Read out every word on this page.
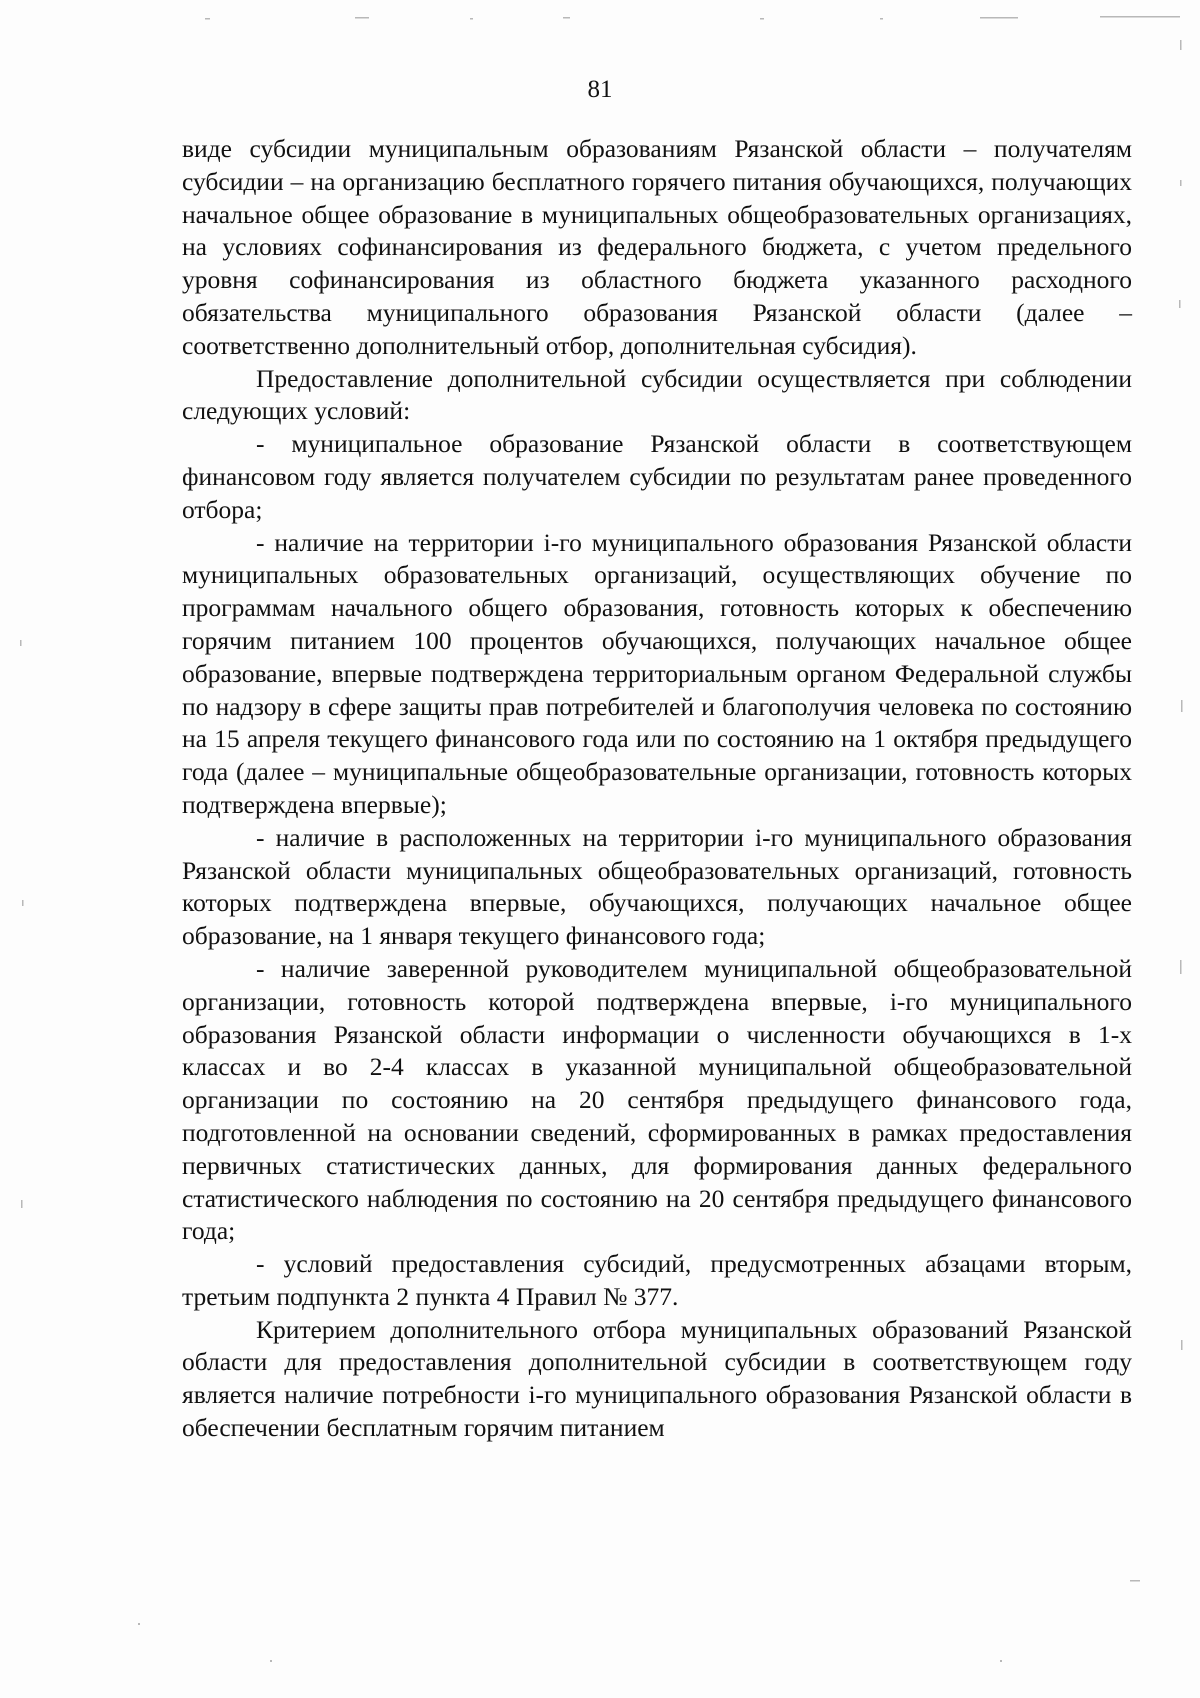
81

виде субсидии муниципальным образованиям Рязанской области – получателям субсидии – на организацию бесплатного горячего питания обучающихся, получающих начальное общее образование в муниципальных общеобразовательных организациях, на условиях софинансирования из федерального бюджета, с учетом предельного уровня софинансирования из областного бюджета указанного расходного обязательства муниципального образования Рязанской области (далее – соответственно дополнительный отбор, дополнительная субсидия).

Предоставление дополнительной субсидии осуществляется при соблюдении следующих условий:

- муниципальное образование Рязанской области в соответствующем финансовом году является получателем субсидии по результатам ранее проведенного отбора;

- наличие на территории i-го муниципального образования Рязанской области муниципальных образовательных организаций, осуществляющих обучение по программам начального общего образования, готовность которых к обеспечению горячим питанием 100 процентов обучающихся, получающих начальное общее образование, впервые подтверждена территориальным органом Федеральной службы по надзору в сфере защиты прав потребителей и благополучия человека по состоянию на 15 апреля текущего финансового года или по состоянию на 1 октября предыдущего года (далее – муниципальные общеобразовательные организации, готовность которых подтверждена впервые);

- наличие в расположенных на территории i-го муниципального образования Рязанской области муниципальных общеобразовательных организаций, готовность которых подтверждена впервые, обучающихся, получающих начальное общее образование, на 1 января текущего финансового года;

- наличие заверенной руководителем муниципальной общеобразовательной организации, готовность которой подтверждена впервые, i-го муниципального образования Рязанской области информации о численности обучающихся в 1-х классах и во 2-4 классах в указанной муниципальной общеобразовательной организации по состоянию на 20 сентября предыдущего финансового года, подготовленной на основании сведений, сформированных в рамках предоставления первичных статистических данных, для формирования данных федерального статистического наблюдения по состоянию на 20 сентября предыдущего финансового года;

- условий предоставления субсидий, предусмотренных абзацами вторым, третьим подпункта 2 пункта 4 Правил № 377.

Критерием дополнительного отбора муниципальных образований Рязанской области для предоставления дополнительной субсидии в соответствующем году является наличие потребности i-го муниципального образования Рязанской области в обеспечении бесплатным горячим питанием
